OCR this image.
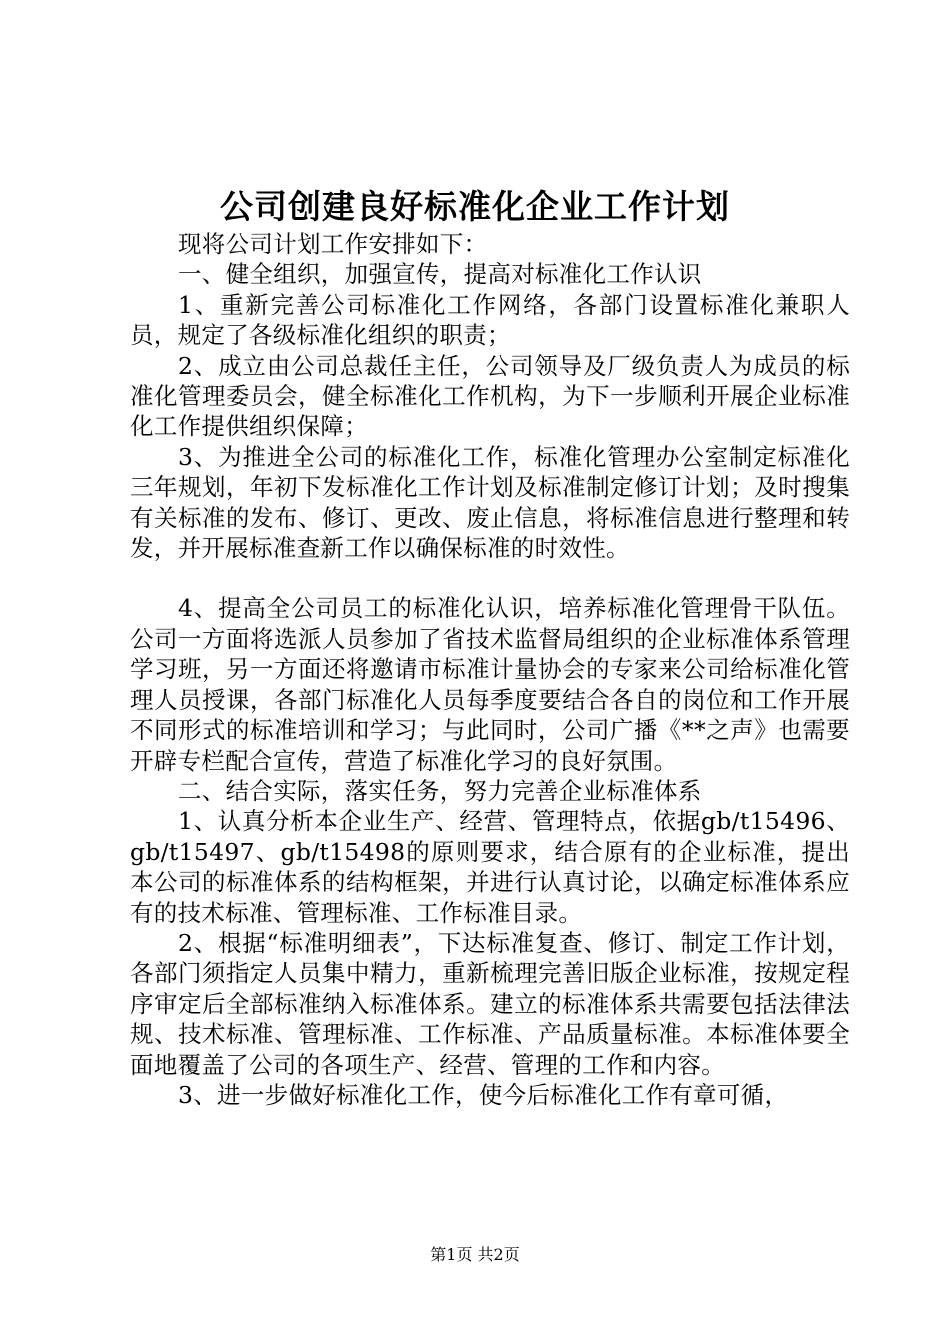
公司创建良好标准化企业工作计划

现将公司计划工作安排如下：

一、健全组织，加强宣传，提高对标准化工作认识

1、重新完善公司标准化工作网络，各部门设置标准化兼职人员，规定了各级标准化组织的职责；

2、成立由公司总裁任主任，公司领导及厂级负责人为成员的标准化管理委员会，健全标准化工作机构，为下一步顺利开展企业标准化工作提供组织保障；

3、为推进全公司的标准化工作，标准化管理办公室制定标准化三年规划，年初下发标准化工作计划及标准制定修订计划；及时搜集有关标准的发布、修订、更改、废止信息，将标准信息进行整理和转发，并开展标准查新工作以确保标准的时效性。

4、提高全公司员工的标准化认识，培养标准化管理骨干队伍。公司一方面将选派人员参加了省技术监督局组织的企业标准体系管理学习班，另一方面还将邀请市标准计量协会的专家来公司给标准化管理人员授课，各部门标准化人员每季度要结合各自的岗位和工作开展不同形式的标准培训和学习；与此同时，公司广播《**之声》也需要开辟专栏配合宣传，营造了标准化学习的良好氛围。

二、结合实际，落实任务，努力完善企业标准体系

1、认真分析本企业生产、经营、管理特点，依据gb/t15496、gb/t15497、gb/t15498的原则要求，结合原有的企业标准，提出本公司的标准体系的结构框架，并进行认真讨论，以确定标准体系应有的技术标准、管理标准、工作标准目录。

2、根据“标准明细表”，下达标准复查、修订、制定工作计划，各部门须指定人员集中精力，重新梳理完善旧版企业标准，按规定程序审定后全部标准纳入标准体系。建立的标准体系共需要包括法律法规、技术标准、管理标准、工作标准、产品质量标准。本标准体要全面地覆盖了公司的各项生产、经营、管理的工作和内容。

3、进一步做好标准化工作，使今后标准化工作有章可循，

第1页 共2页
